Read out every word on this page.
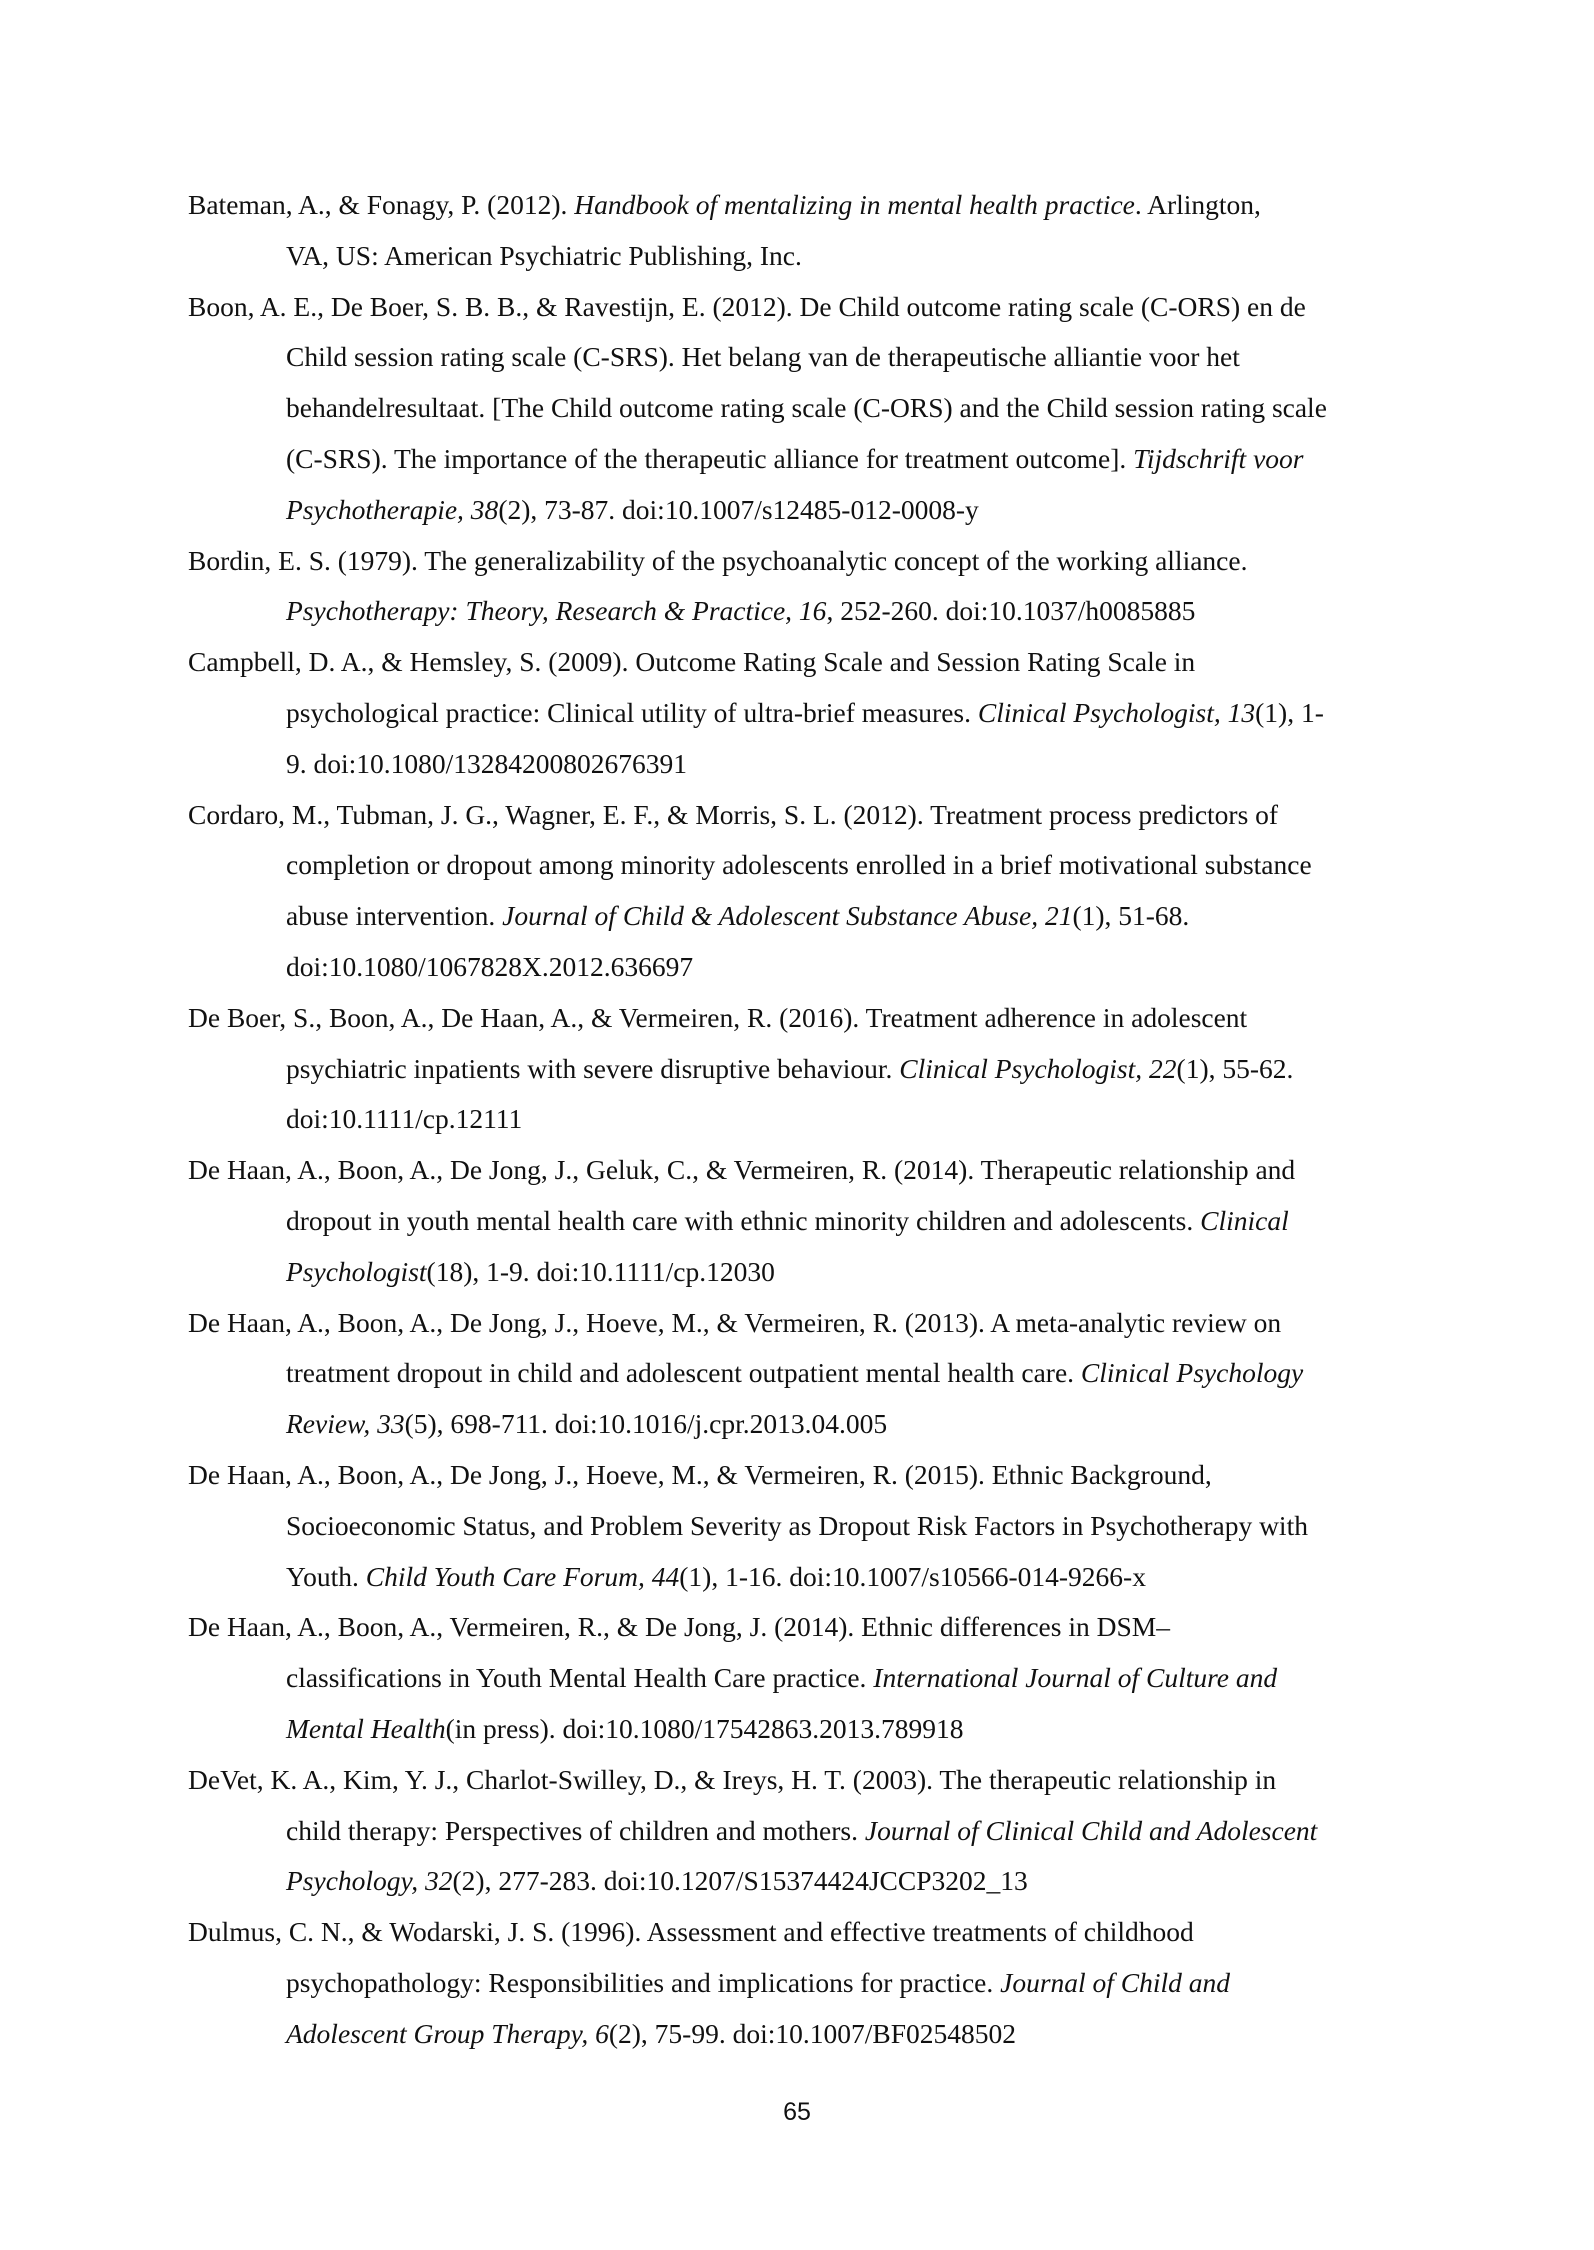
Bateman, A., & Fonagy, P. (2012). Handbook of mentalizing in mental health practice. Arlington,
VA, US: American Psychiatric Publishing, Inc.
Boon, A. E., De Boer, S. B. B., & Ravestijn, E. (2012). De Child outcome rating scale (C-ORS) en de
Child session rating scale (C-SRS). Het belang van de therapeutische alliantie voor het
behandelresultaat. [The Child outcome rating scale (C-ORS) and the Child session rating scale
(C-SRS). The importance of the therapeutic alliance for treatment outcome]. Tijdschrift voor
Psychotherapie, 38(2), 73-87. doi:10.1007/s12485-012-0008-y
Bordin, E. S. (1979). The generalizability of the psychoanalytic concept of the working alliance.
Psychotherapy: Theory, Research & Practice, 16, 252-260. doi:10.1037/h0085885
Campbell, D. A., & Hemsley, S. (2009). Outcome Rating Scale and Session Rating Scale in
psychological practice: Clinical utility of ultra-brief measures. Clinical Psychologist, 13(1), 1-
9. doi:10.1080/13284200802676391
Cordaro, M., Tubman, J. G., Wagner, E. F., & Morris, S. L. (2012). Treatment process predictors of
completion or dropout among minority adolescents enrolled in a brief motivational substance
abuse intervention. Journal of Child & Adolescent Substance Abuse, 21(1), 51-68.
doi:10.1080/1067828X.2012.636697
De Boer, S., Boon, A., De Haan, A., & Vermeiren, R. (2016). Treatment adherence in adolescent
psychiatric inpatients with severe disruptive behaviour. Clinical Psychologist, 22(1), 55-62.
doi:10.1111/cp.12111
De Haan, A., Boon, A., De Jong, J., Geluk, C., & Vermeiren, R. (2014). Therapeutic relationship and
dropout in youth mental health care with ethnic minority children and adolescents. Clinical
Psychologist(18), 1-9. doi:10.1111/cp.12030
De Haan, A., Boon, A., De Jong, J., Hoeve, M., & Vermeiren, R. (2013). A meta-analytic review on
treatment dropout in child and adolescent outpatient mental health care. Clinical Psychology
Review, 33(5), 698-711. doi:10.1016/j.cpr.2013.04.005
De Haan, A., Boon, A., De Jong, J., Hoeve, M., & Vermeiren, R. (2015). Ethnic Background,
Socioeconomic Status, and Problem Severity as Dropout Risk Factors in Psychotherapy with
Youth. Child Youth Care Forum, 44(1), 1-16. doi:10.1007/s10566-014-9266-x
De Haan, A., Boon, A., Vermeiren, R., & De Jong, J. (2014). Ethnic differences in DSM–
classifications in Youth Mental Health Care practice. International Journal of Culture and
Mental Health(in press). doi:10.1080/17542863.2013.789918
DeVet, K. A., Kim, Y. J., Charlot-Swilley, D., & Ireys, H. T. (2003). The therapeutic relationship in
child therapy: Perspectives of children and mothers. Journal of Clinical Child and Adolescent
Psychology, 32(2), 277-283. doi:10.1207/S15374424JCCP3202_13
Dulmus, C. N., & Wodarski, J. S. (1996). Assessment and effective treatments of childhood
psychopathology: Responsibilities and implications for practice. Journal of Child and
Adolescent Group Therapy, 6(2), 75-99. doi:10.1007/BF02548502
65
